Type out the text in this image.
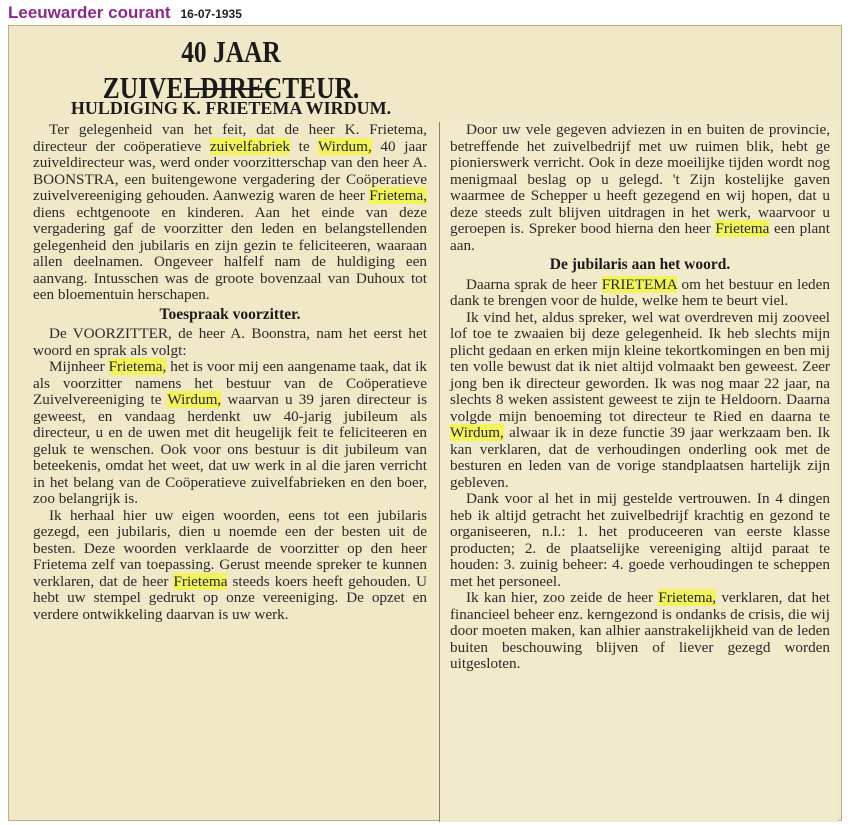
Leeuwarder courant 16-07-1935
40 JAAR ZUIVELDIRECTEUR.
HULDIGING K. FRIETEMA WIRDUM.

Ter gelegenheid van het feit, dat de heer K. Frietema, directeur der coöperatieve zuivelfabriek te Wirdum, 40 jaar zuiveldirecteur was, werd onder voorzitterschap van den heer A. BOONSTRA, een buitengewone vergadering der Coöperatieve zuivelvereeniging gehouden. Aanwezig waren de heer Frietema, diens echtgenoote en kinderen. Aan het einde van deze vergadering gaf de voorzitter den leden en belangstellenden gelegenheid den jubilaris en zijn gezin te feliciteeren, waaraan allen deelnamen. Ongeveer halfelf nam de huldiging een aanvang. Intusschen was de groote bovenzaal van Duhoux tot een bloementuin herschapen.

Toespraak voorzitter.

De VOORZITTER, de heer A. Boonstra, nam het eerst het woord en sprak als volgt:

Mijnheer Frietema, het is voor mij een aangename taak, dat ik als voorzitter namens het bestuur van de Coöperatieve Zuivelvereeniging te Wirdum, waarvan u 39 jaren directeur is geweest, en vandaag herdenkt uw 40-jarig jubileum als directeur, u en de uwen met dit heugelijk feit te feliciteeren en geluk te wenschen. Ook voor ons bestuur is dit jubileum van beteekenis, omdat het weet, dat uw werk in al die jaren verricht in het belang van de Coöperatieve zuivelfabrieken en den boer, zoo belangrijk is.

Ik herhaal hier uw eigen woorden, eens tot een jubilaris gezegd, een jubilaris, dien u noemde een der besten uit de besten. Deze woorden verklaarde de voorzitter op den heer Frietema zelf van toepassing. Gerust meende spreker te kunnen verklaren, dat de heer Frietema steeds koers heeft gehouden. U hebt uw stempel gedrukt op onze vereeniging. De opzet en verdere ontwikkeling daarvan is uw werk.

Door uw vele gegeven adviezen in en buiten de provincie, betreffende het zuivelbedrijf met uw ruimen blik, hebt ge pionierswerk verricht. Ook in deze moeilijke tijden wordt nog menigmaal beslag op u gelegd. 't Zijn kostelijke gaven waarmee de Schepper u heeft gezegend en wij hopen, dat u deze steeds zult blijven uitdragen in het werk, waarvoor u geroepen is. Spreker bood hierna den heer Frietema een plant aan.

De jubilaris aan het woord.

Daarna sprak de heer FRIETEMA om het bestuur en leden dank te brengen voor de hulde, welke hem te beurt viel.

Ik vind het, aldus spreker, wel wat overdreven mij zooveel lof toe te zwaaien bij deze gelegenheid. Ik heb slechts mijn plicht gedaan en erken mijn kleine tekortkomingen en ben mij ten volle bewust dat ik niet altijd volmaakt ben geweest. Zeer jong ben ik directeur geworden. Ik was nog maar 22 jaar, na slechts 8 weken assistent geweest te zijn te Heldoorn. Daarna volgde mijn benoeming tot directeur te Ried en daarna te Wirdum, alwaar ik in deze functie 39 jaar werkzaam ben. Ik kan verklaren, dat de verhoudingen onderling ook met de besturen en leden van de vorige standplaatsen hartelijk zijn gebleven.

Dank voor al het in mij gestelde vertrouwen. In 4 dingen heb ik altijd getracht het zuivelbedrijf krachtig en gezond te organiseeren, n.l.: 1. het produceeren van eerste klasse producten; 2. de plaatselijke vereeniging altijd paraat te houden: 3. zuinig beheer: 4. goede verhoudingen te scheppen met het personeel.

Ik kan hier, zoo zeide de heer Frietema, verklaren, dat het financieel beheer enz. kerngezond is ondanks de crisis, die wij door moeten maken, kan alhier aanstrakelijkheid van de leden buiten beschouwing blijven of liever gezegd worden uitgesloten.
